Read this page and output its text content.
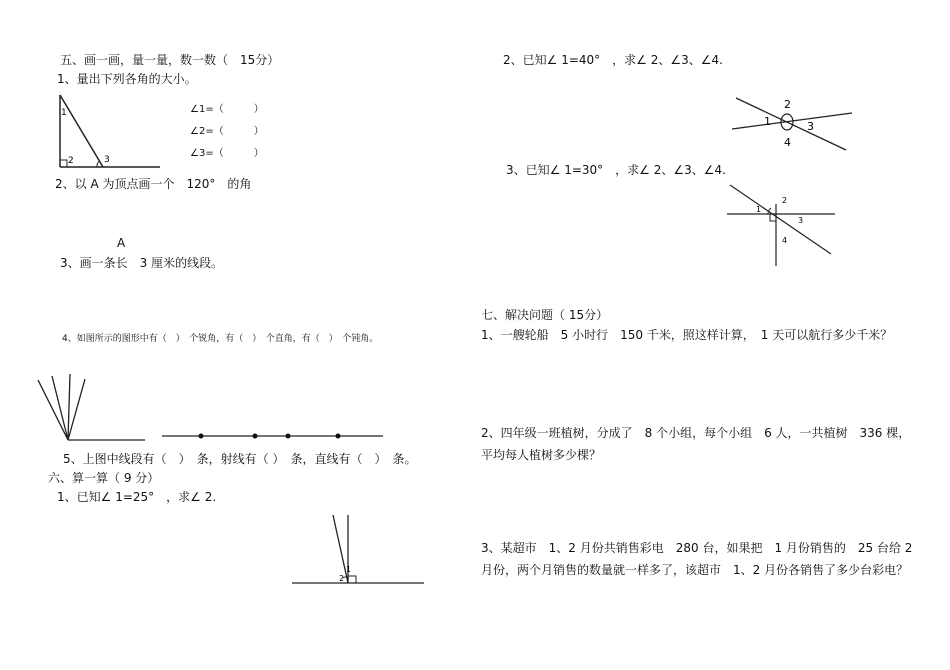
五、画一画，量一量，数一数（　15分）
1、量出下列各角的大小。
1
2	3
∠1=（　　　）
∠2=（　　　）
∠3=（　　　）
2、以 A 为顶点画一个　120°　的角
A
3、画一条长　3 厘米的线段。
4、如图所示的图形中有（　）　个锐角，有（　）　个直角，有（　）　个钝角。
5、上图中线段有（　）　条，射线有（ ）　条，直线有（　）　条。
六、算一算（ 9 分）
1、已知∠ 1=25°　，求∠ 2.
1
2
2、已知∠ 1=40°　，求∠ 2、∠3、∠4.
2
1	3
4
3、已知∠ 1=30°　，求∠ 2、∠3、∠4.
1
2
3
4
七、解决问题（ 15分）
1、一艘轮船　5 小时行　150 千米，照这样计算，　1 天可以航行多少千米？
2、四年级一班植树，分成了　8 个小组，每个小组　6 人，一共植树　336 棵，平均每人植树多少棵？
3、某超市　1、2 月份共销售彩电　280 台，如果把　1 月份销售的　25 台给 2 月份，两个月销售的数量就一样多了，该超市　1、2 月份各销售了多少台彩电？
